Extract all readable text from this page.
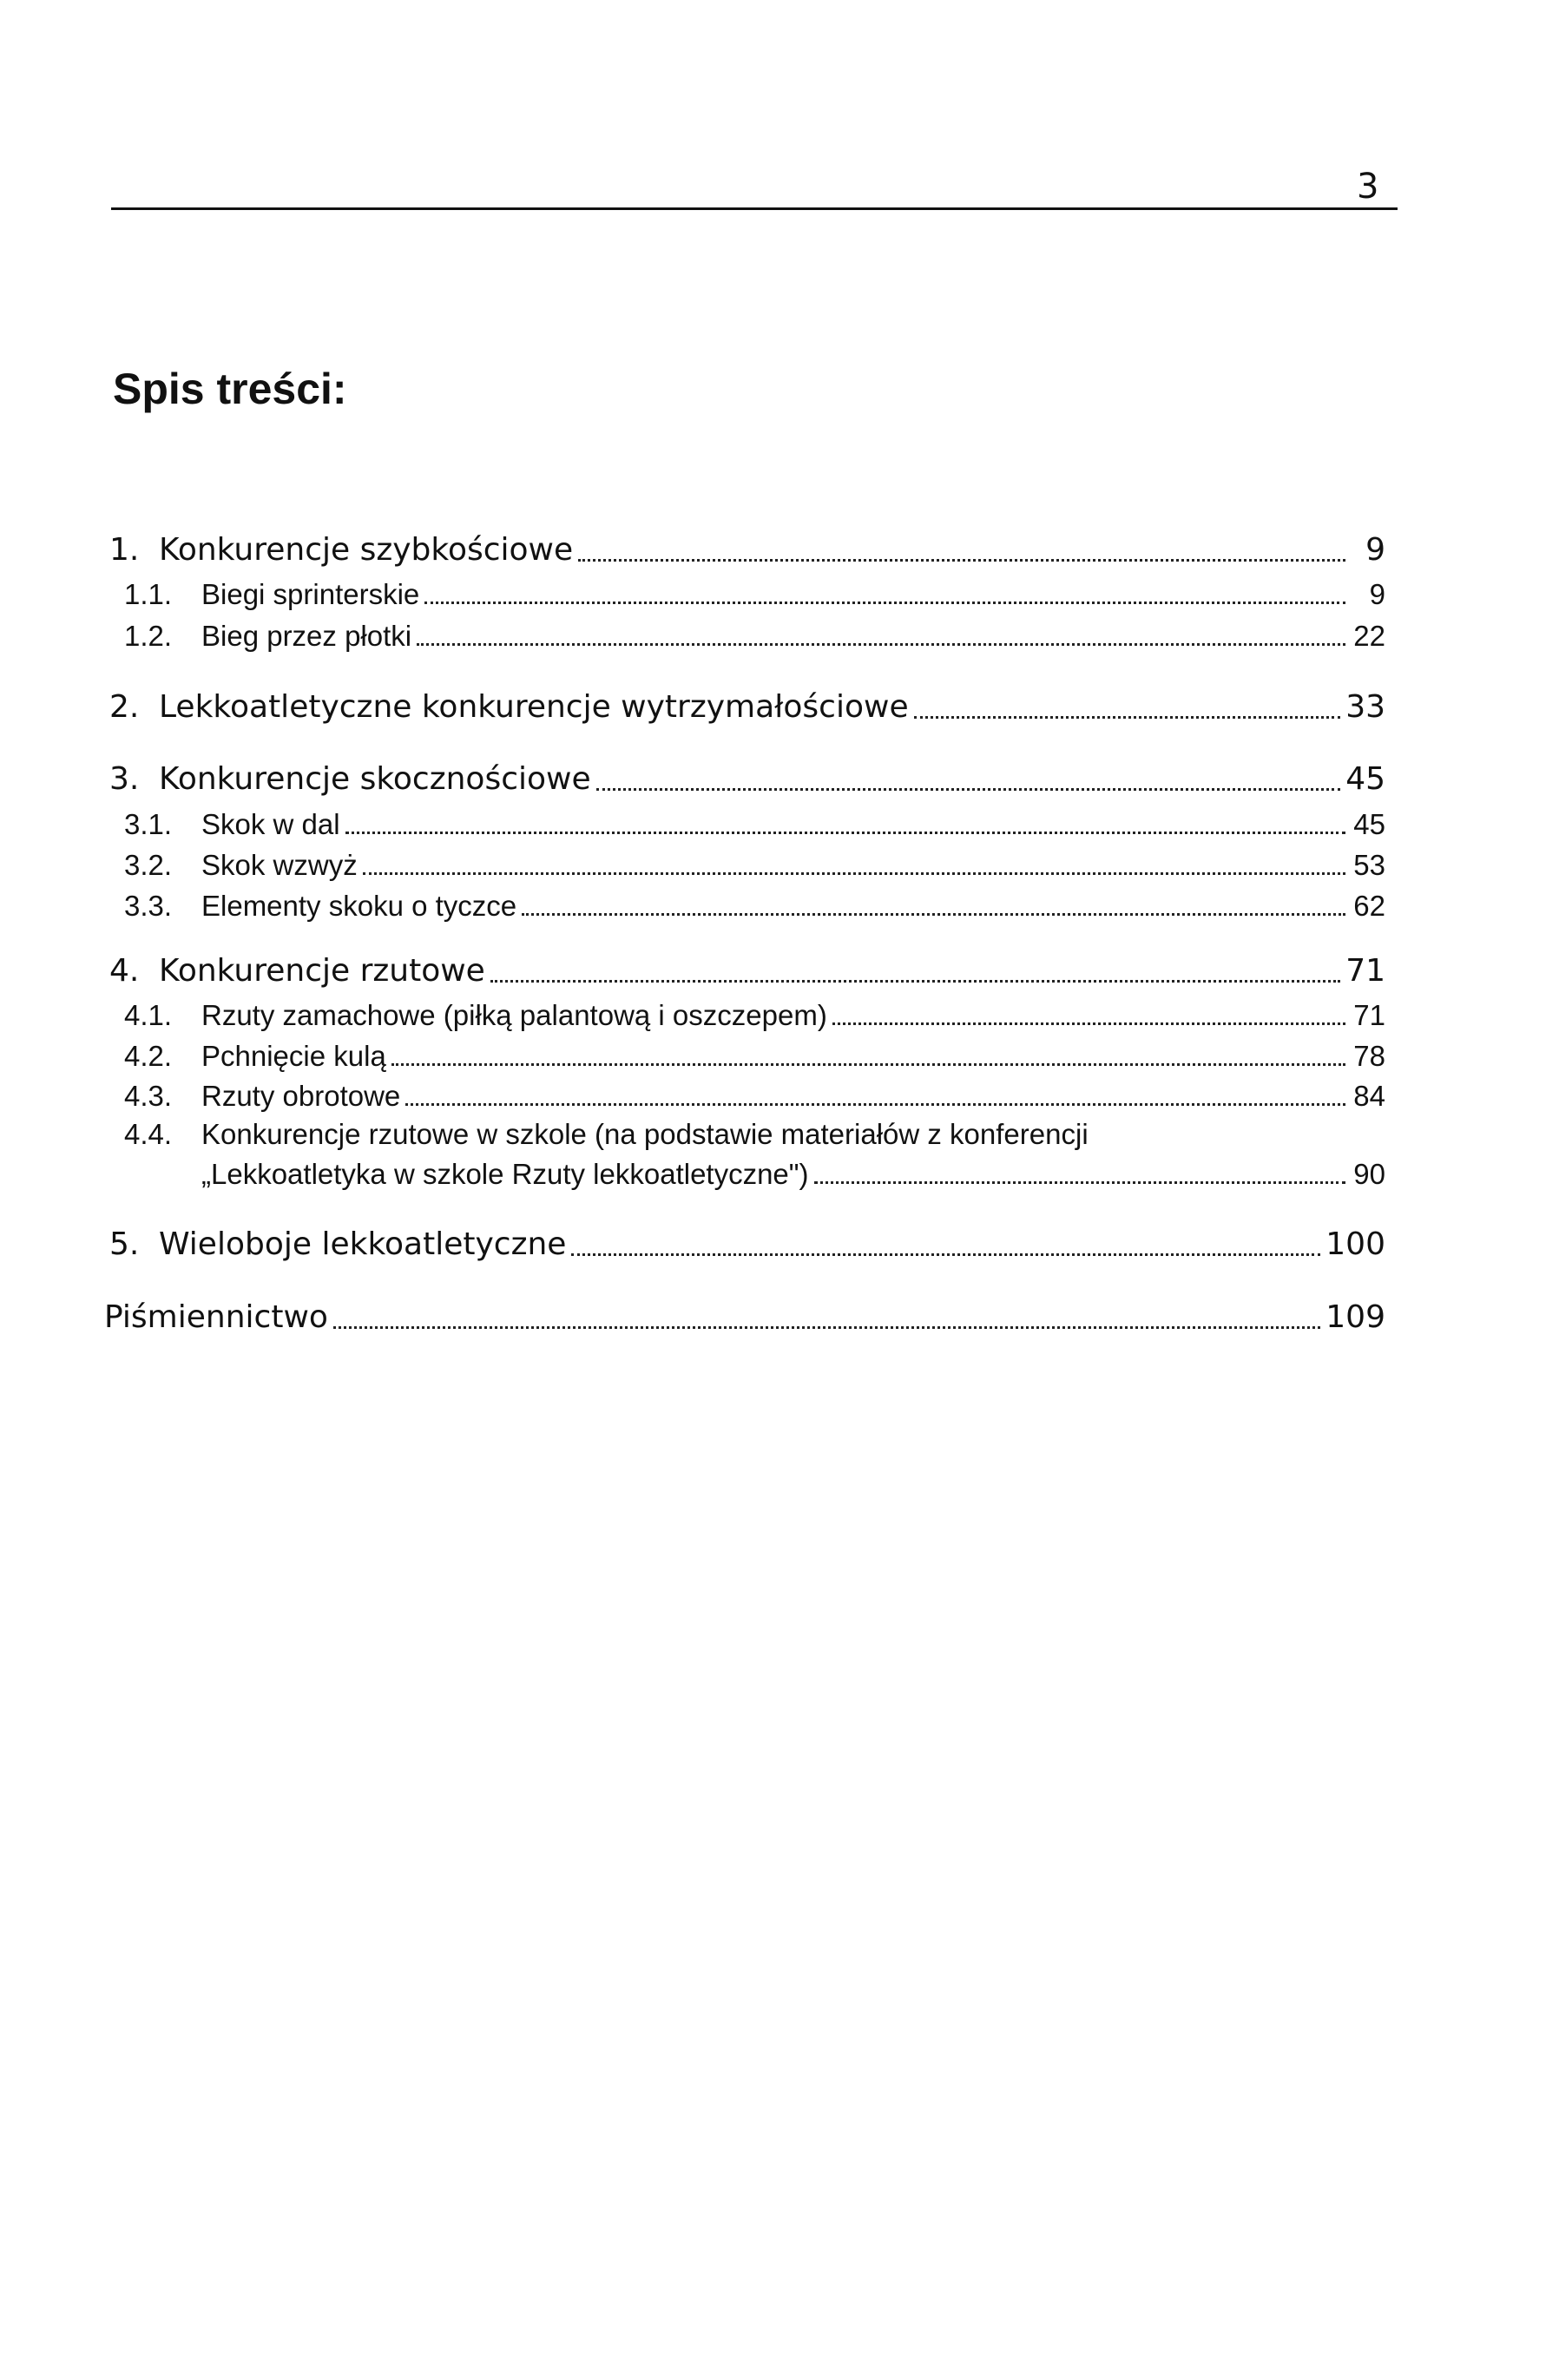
3
Spis treści:
1. Konkurencje szybkościowe	9
1.1.	Biegi sprinterskie	9
1.2.	Bieg przez płotki	22
2. Lekkoatletyczne konkurencje wytrzymałościowe	33
3. Konkurencje skocznościowe	45
3.1.	Skok w dal	45
3.2.	Skok wzwyż	53
3.3.	Elementy skoku o tyczce	62
4. Konkurencje rzutowe	71
4.1.	Rzuty zamachowe (piłką palantową i oszczepem)	71
4.2.	Pchnięcie kulą	78
4.3.	Rzuty obrotowe	84
4.4.	Konkurencje rzutowe w szkole (na podstawie materiałów z konferencji
„Lekkoatletyka w szkole Rzuty lekkoatletyczne")	90
5. Wieloboje lekkoatletyczne	100
Piśmiennictwo	109
